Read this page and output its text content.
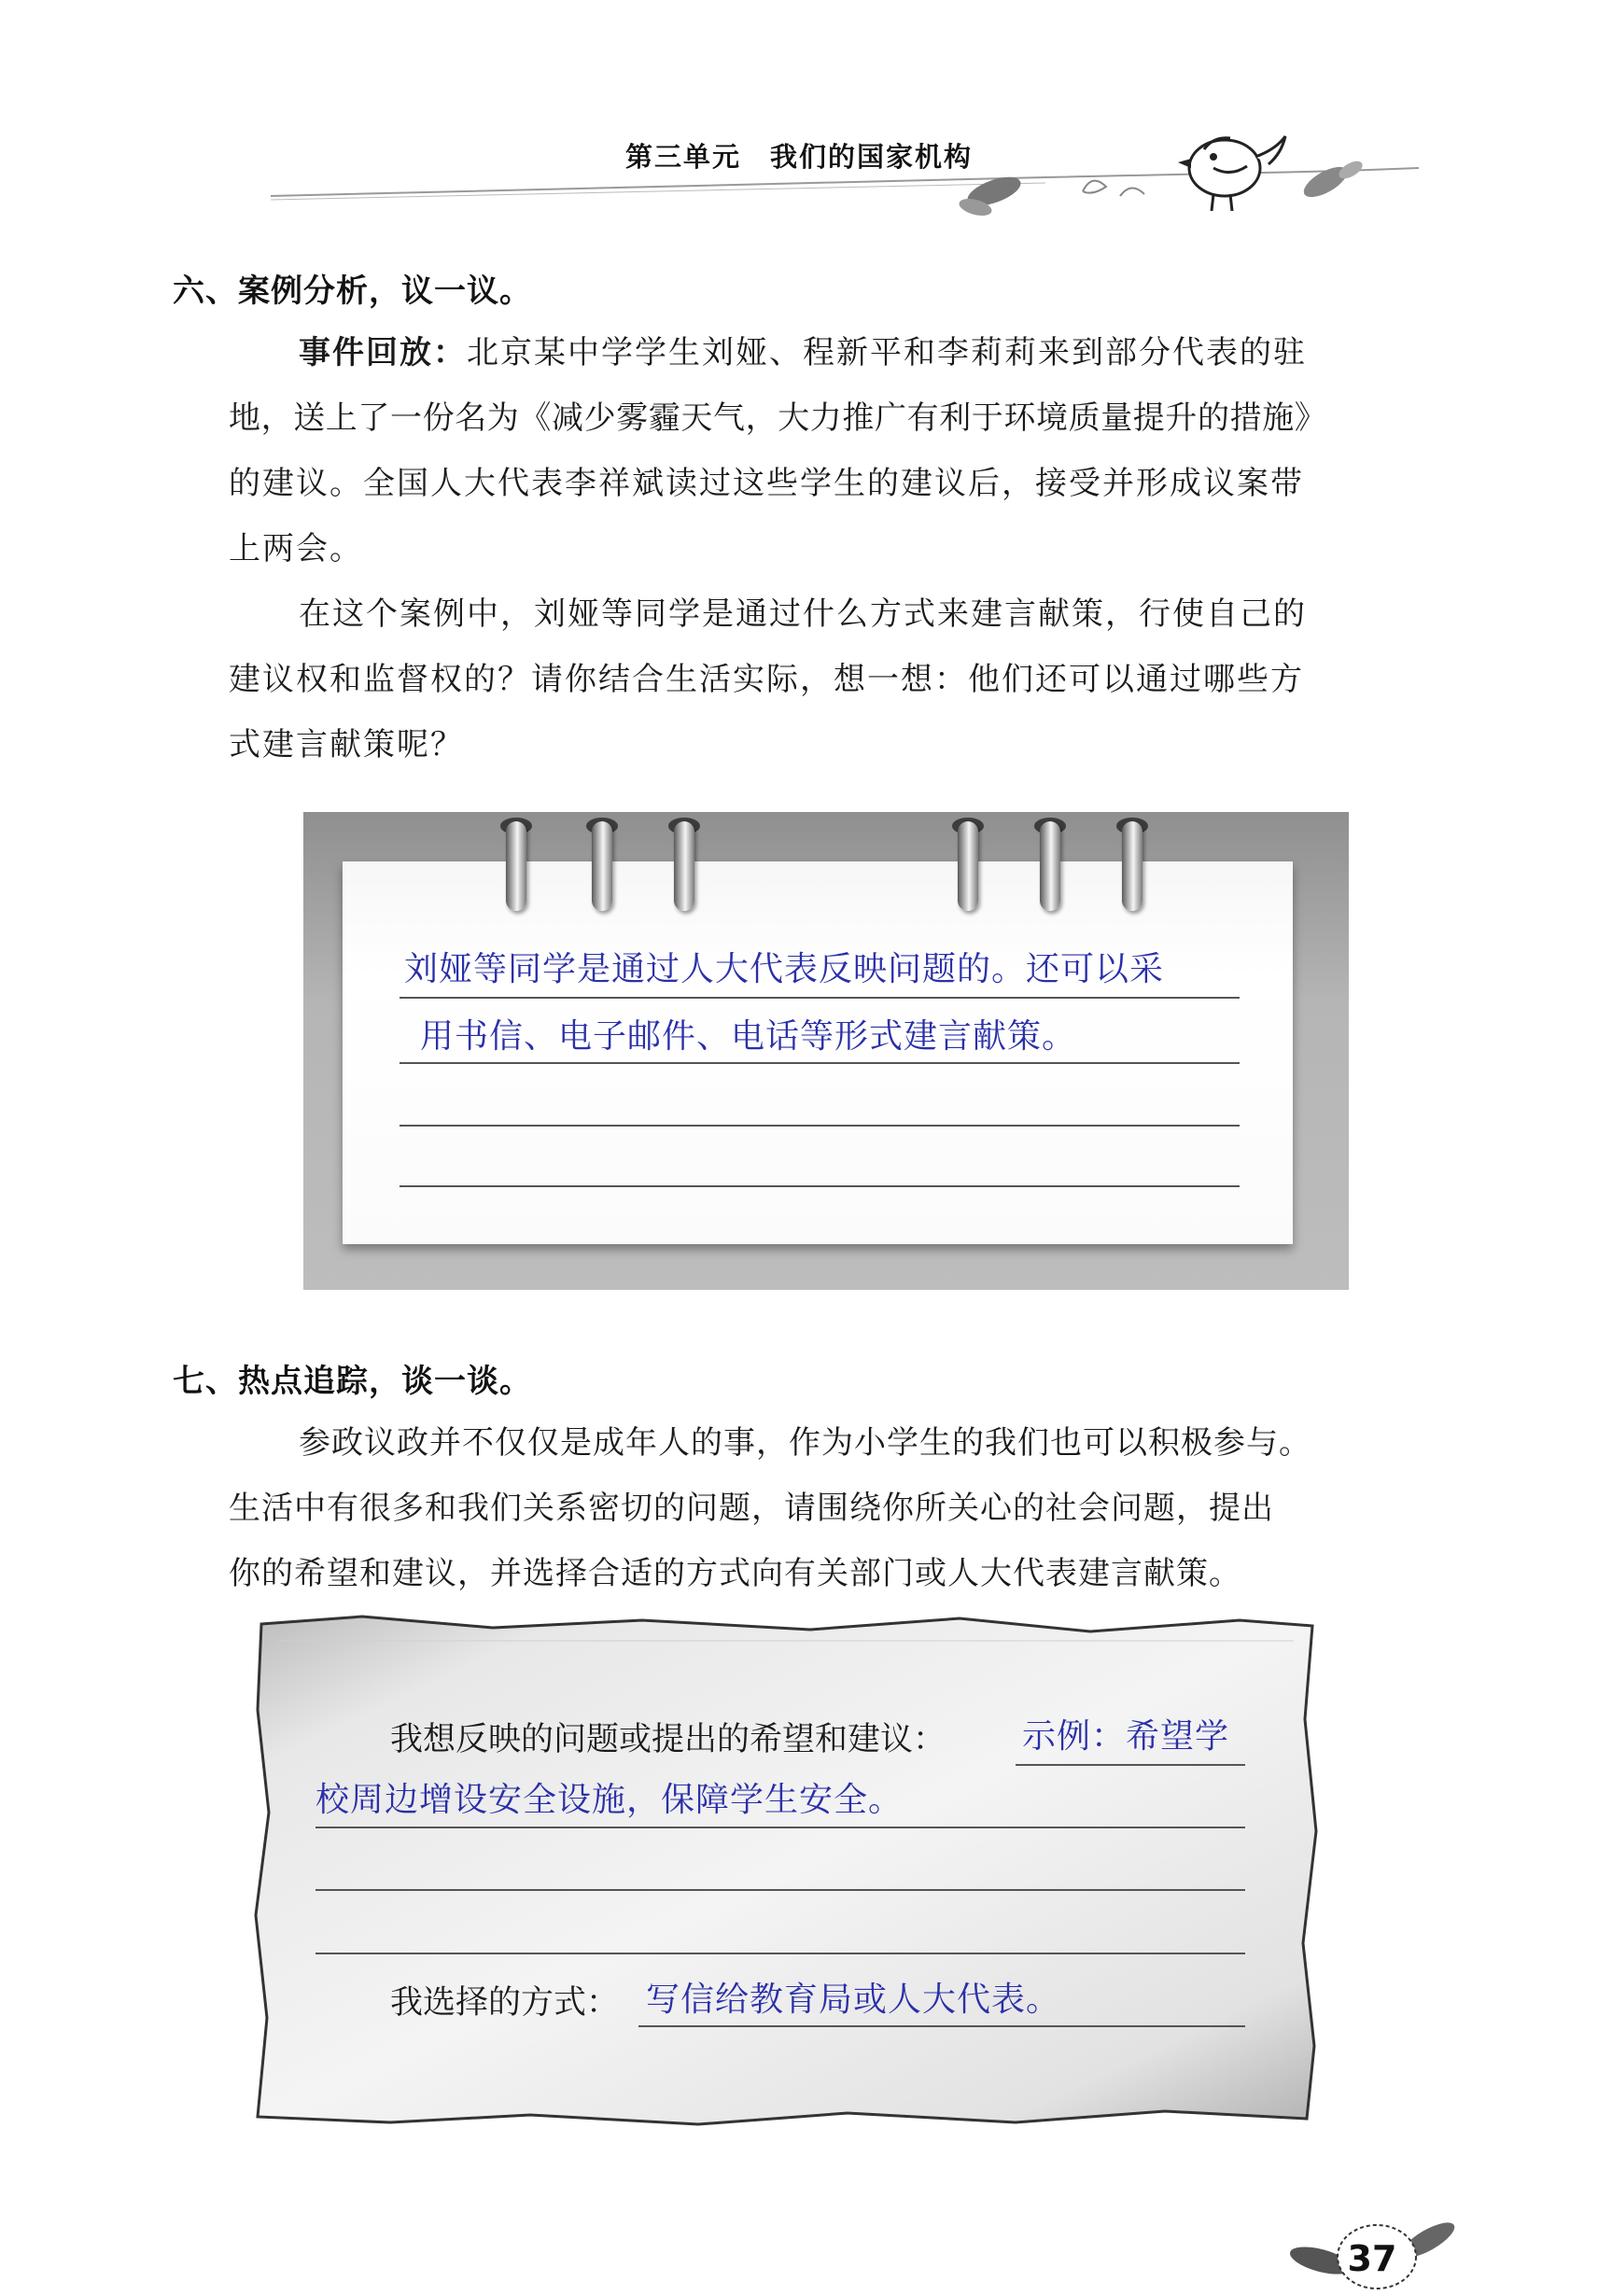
第三单元　我们的国家机构
六、案例分析，议一议。
事件回放：北京某中学学生刘娅、程新平和李莉莉来到部分代表的驻
地，送上了一份名为《减少雾霾天气，大力推广有利于环境质量提升的措施》
的建议。全国人大代表李祥斌读过这些学生的建议后，接受并形成议案带
上两会。
在这个案例中，刘娅等同学是通过什么方式来建言献策，行使自己的
建议权和监督权的？请你结合生活实际，想一想：他们还可以通过哪些方
式建言献策呢？
刘娅等同学是通过人大代表反映问题的。还可以采
用书信、电子邮件、电话等形式建言献策。
七、热点追踪，谈一谈。
参政议政并不仅仅是成年人的事，作为小学生的我们也可以积极参与。
生活中有很多和我们关系密切的问题，请围绕你所关心的社会问题，提出
你的希望和建议，并选择合适的方式向有关部门或人大代表建言献策。
我想反映的问题或提出的希望和建议： 示例：希望学
校周边增设安全设施，保障学生安全。
我选择的方式： 写信给教育局或人大代表。
37
